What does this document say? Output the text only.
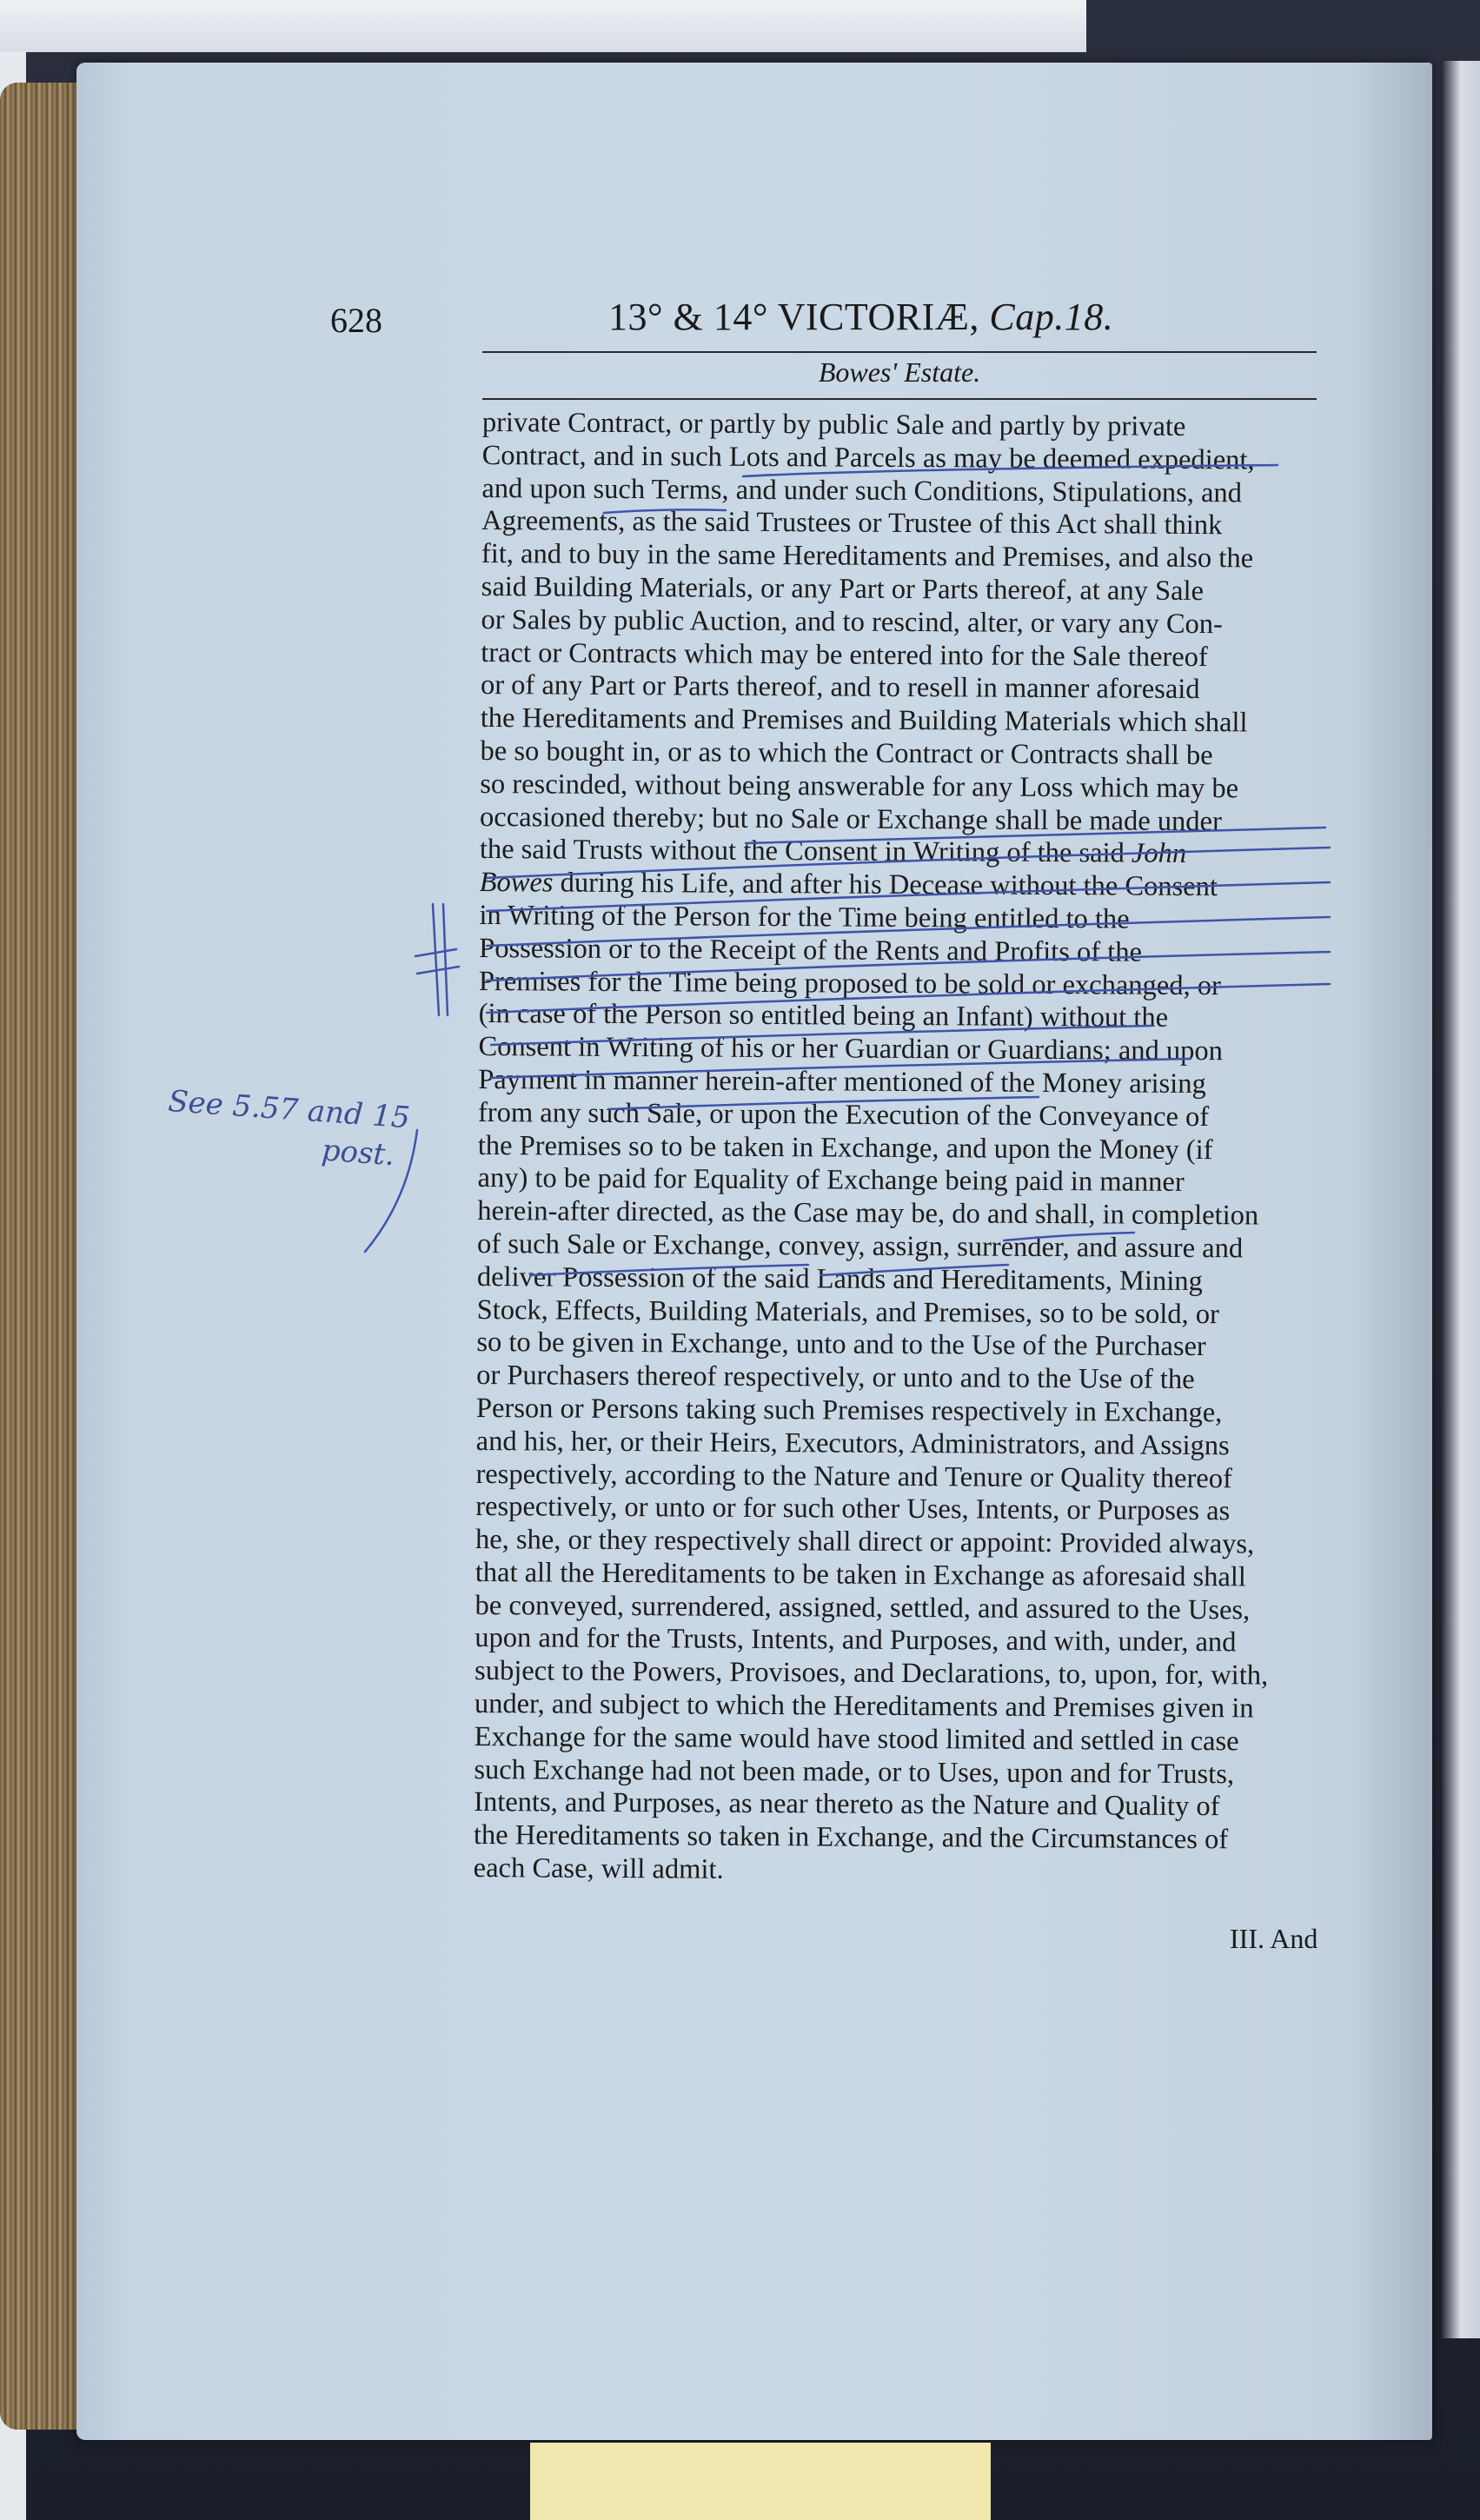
628	13° & 14° VICTORIÆ, Cap.18.
Bowes' Estate.

private Contract, or partly by public Sale and partly by private
Contract, and in such Lots and Parcels as may be deemed expedient,
and upon such Terms, and under such Conditions, Stipulations, and
Agreements, as the said Trustees or Trustee of this Act shall think
fit, and to buy in the same Hereditaments and Premises, and also the
said Building Materials, or any Part or Parts thereof, at any Sale
or Sales by public Auction, and to rescind, alter, or vary any Con-
tract or Contracts which may be entered into for the Sale thereof
or of any Part or Parts thereof, and to resell in manner aforesaid
the Hereditaments and Premises and Building Materials which shall
be so bought in, or as to which the Contract or Contracts shall be
so rescinded, without being answerable for any Loss which may be
occasioned thereby; but no Sale or Exchange shall be made under
the said Trusts without the Consent in Writing of the said John
Bowes during his Life, and after his Decease without the Consent
in Writing of the Person for the Time being entitled to the
Possession or to the Receipt of the Rents and Profits of the
Premises for the Time being proposed to be sold or exchanged, or
(in case of the Person so entitled being an Infant) without the
Consent in Writing of his or her Guardian or Guardians; and upon
Payment in manner herein-after mentioned of the Money arising
from any such Sale, or upon the Execution of the Conveyance of
the Premises so to be taken in Exchange, and upon the Money (if
any) to be paid for Equality of Exchange being paid in manner
herein-after directed, as the Case may be, do and shall, in completion
of such Sale or Exchange, convey, assign, surrender, and assure and
deliver Possession of the said Lands and Hereditaments, Mining
Stock, Effects, Building Materials, and Premises, so to be sold, or
so to be given in Exchange, unto and to the Use of the Purchaser
or Purchasers thereof respectively, or unto and to the Use of the
Person or Persons taking such Premises respectively in Exchange,
and his, her, or their Heirs, Executors, Administrators, and Assigns
respectively, according to the Nature and Tenure or Quality thereof
respectively, or unto or for such other Uses, Intents, or Purposes as
he, she, or they respectively shall direct or appoint: Provided always,
that all the Hereditaments to be taken in Exchange as aforesaid shall
be conveyed, surrendered, assigned, settled, and assured to the Uses,
upon and for the Trusts, Intents, and Purposes, and with, under, and
subject to the Powers, Provisoes, and Declarations, to, upon, for, with,
under, and subject to which the Hereditaments and Premises given in
Exchange for the same would have stood limited and settled in case
such Exchange had not been made, or to Uses, upon and for Trusts,
Intents, and Purposes, as near thereto as the Nature and Quality of
the Hereditaments so taken in Exchange, and the Circumstances of
each Case, will admit.

III. And
See 5.57 and 15
post.
